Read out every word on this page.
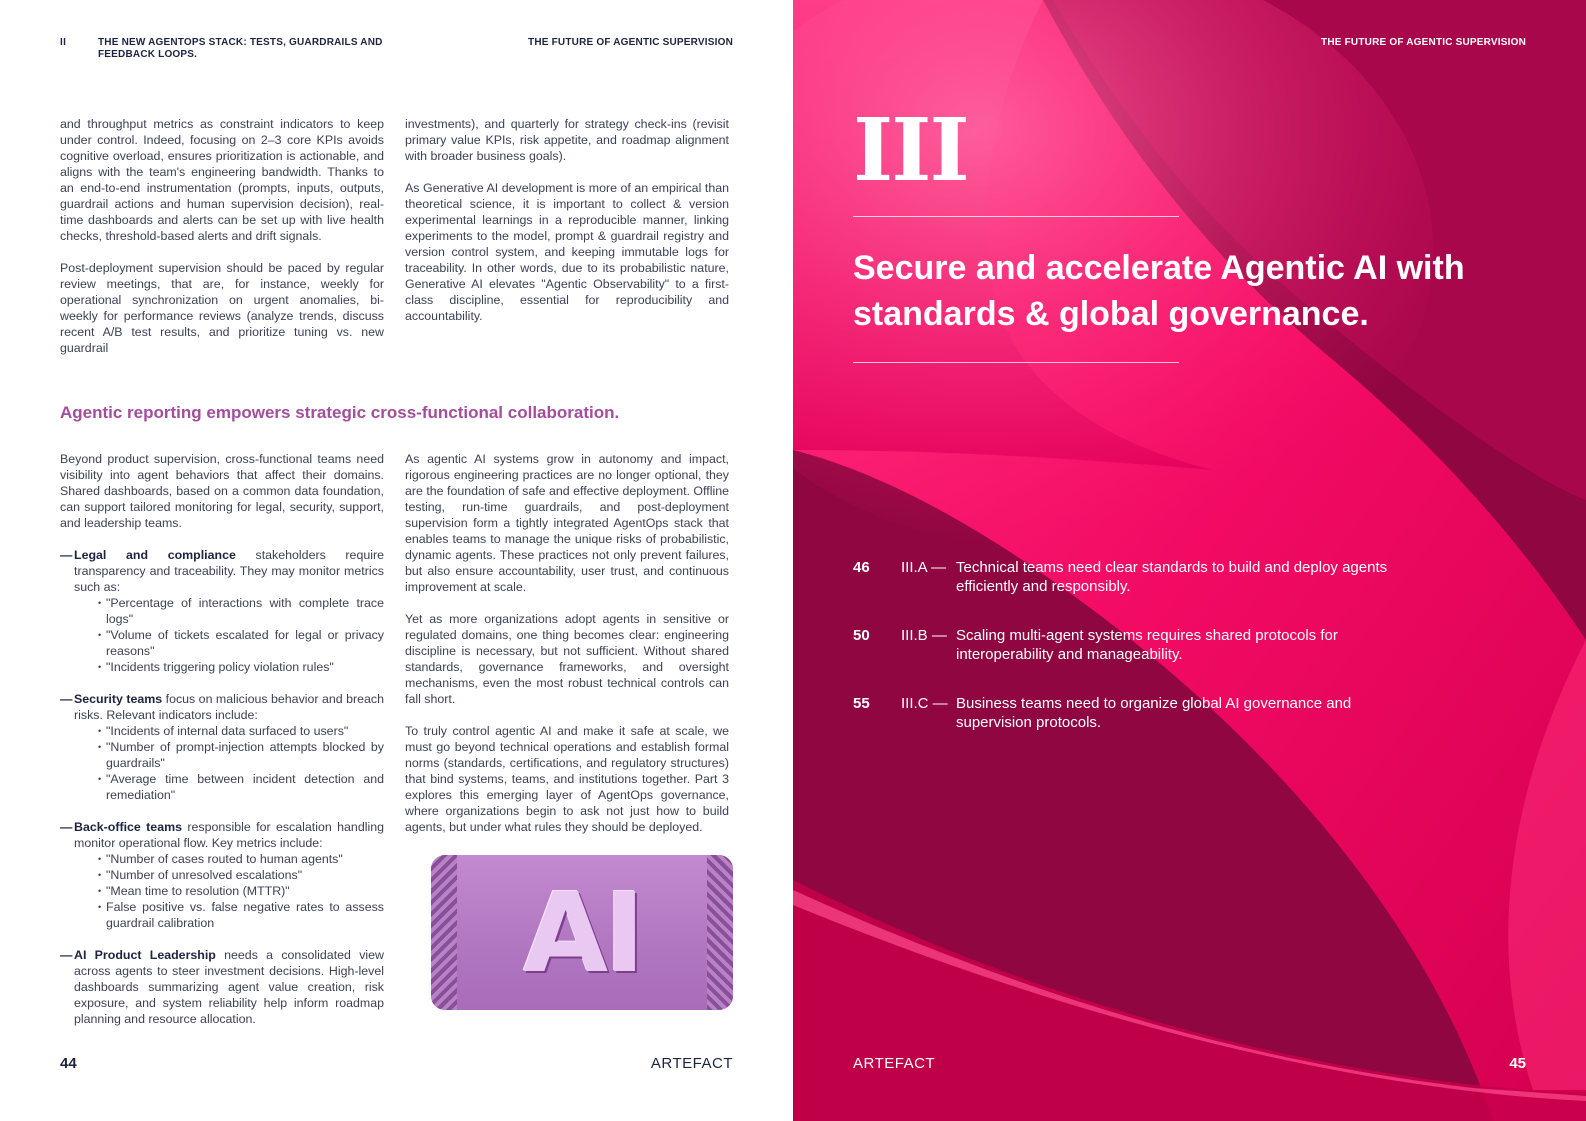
II	THE NEW AGENTOPS STACK: TESTS, GUARDRAILS AND FEEDBACK LOOPS.
THE FUTURE OF AGENTIC SUPERVISION

and throughput metrics as constraint indicators to keep under control. Indeed, focusing on 2–3 core KPIs avoids cognitive overload, ensures prioritization is actionable, and aligns with the team's engineering bandwidth. Thanks to an end-to-end instrumentation (prompts, inputs, outputs, guardrail actions and human supervision decision), real-time dashboards and alerts can be set up with live health checks, threshold-based alerts and drift signals.

Post-deployment supervision should be paced by regular review meetings, that are, for instance, weekly for operational synchronization on urgent anomalies, bi-weekly for performance reviews (analyze trends, discuss recent A/B test results, and prioritize tuning vs. new guardrail

investments), and quarterly for strategy check-ins (revisit primary value KPIs, risk appetite, and roadmap alignment with broader business goals).

As Generative AI development is more of an empirical than theoretical science, it is important to collect & version experimental learnings in a reproducible manner, linking experiments to the model, prompt & guardrail registry and version control system, and keeping immutable logs for traceability. In other words, due to its probabilistic nature, Generative AI elevates "Agentic Observability" to a first-class discipline, essential for reproducibility and accountability.

Agentic reporting empowers strategic cross-functional collaboration.

Beyond product supervision, cross-functional teams need visibility into agent behaviors that affect their domains. Shared dashboards, based on a common data foundation, can support tailored monitoring for legal, security, support, and leadership teams.

— Legal and compliance stakeholders require transparency and traceability. They may monitor metrics such as:
• "Percentage of interactions with complete trace logs"
• "Volume of tickets escalated for legal or privacy reasons"
• "Incidents triggering policy violation rules"
— Security teams focus on malicious behavior and breach risks. Relevant indicators include:
• "Incidents of internal data surfaced to users"
• "Number of prompt-injection attempts blocked by guardrails"
• "Average time between incident detection and remediation"
— Back-office teams responsible for escalation handling monitor operational flow. Key metrics include:
• "Number of cases routed to human agents"
• "Number of unresolved escalations"
• "Mean time to resolution (MTTR)"
• False positive vs. false negative rates to assess guardrail calibration
— AI Product Leadership needs a consolidated view across agents to steer investment decisions. High-level dashboards summarizing agent value creation, risk exposure, and system reliability help inform roadmap planning and resource allocation.

As agentic AI systems grow in autonomy and impact, rigorous engineering practices are no longer optional, they are the foundation of safe and effective deployment. Offline testing, run-time guardrails, and post-deployment supervision form a tightly integrated AgentOps stack that enables teams to manage the unique risks of probabilistic, dynamic agents. These practices not only prevent failures, but also ensure accountability, user trust, and continuous improvement at scale.

Yet as more organizations adopt agents in sensitive or regulated domains, one thing becomes clear: engineering discipline is necessary, but not sufficient. Without shared standards, governance frameworks, and oversight mechanisms, even the most robust technical controls can fall short.

To truly control agentic AI and make it safe at scale, we must go beyond technical operations and establish formal norms (standards, certifications, and regulatory structures) that bind systems, teams, and institutions together. Part 3 explores this emerging layer of AgentOps governance, where organizations begin to ask not just how to build agents, but under what rules they should be deployed.

AI
44	ARTEFACT
THE FUTURE OF AGENTIC SUPERVISION
III
Secure and accelerate Agentic AI with standards & global governance.
46 III.A — Technical teams need clear standards to build and deploy agents efficiently and responsibly.
50 III.B — Scaling multi-agent systems requires shared protocols for interoperability and manageability.
55 III.C — Business teams need to organize global AI governance and supervision protocols.
ARTEFACT	45
